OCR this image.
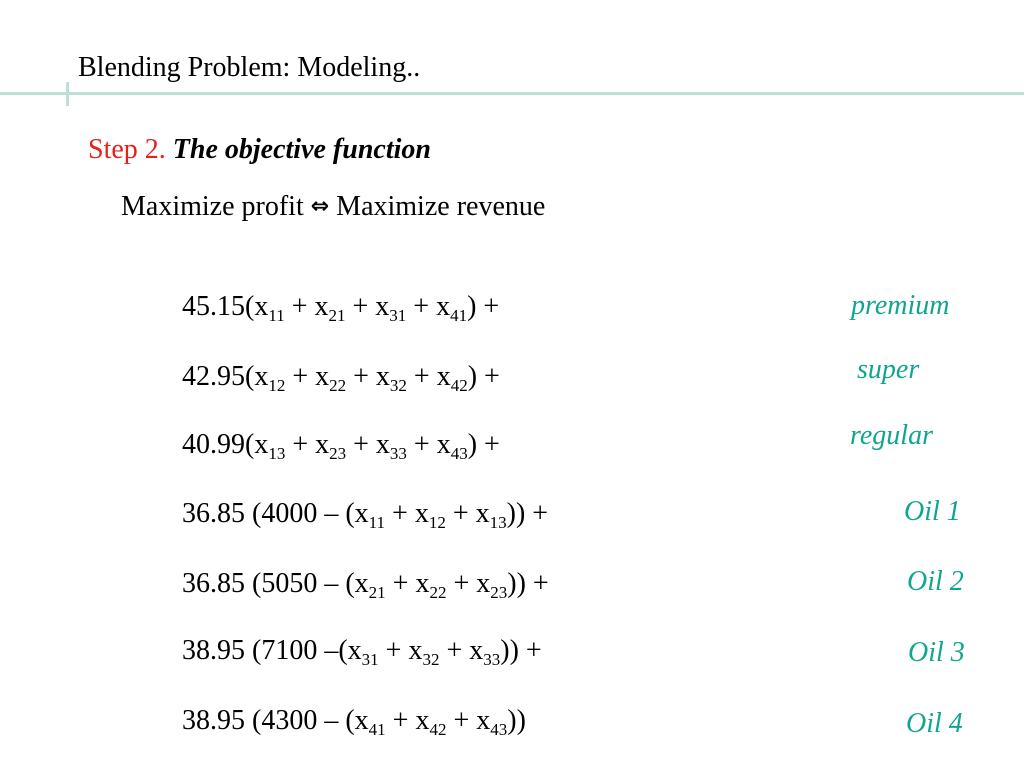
Blending Problem: Modeling..
Step 2. The objective function
Maximize profit ⇔ Maximize revenue
$45.15(x_{11} + x_{21} + x_{31} + x_{41})$ +
$42.95(x_{12} + x_{22} + x_{32} + x_{42})$ +
$40.99(x_{13} + x_{23} + x_{33} + x_{43})$ +
36.85 $(4000 - (x_{11} + x_{12} + x_{13}))$ +
36.85 $(5050 - (x_{21} + x_{22} + x_{23}))$ +
38.95 (7100 $-(x_{31} + x_{32} + x_{33})$) +
38.95 $(4300 - (x_{41} + x_{42} + x_{43}))$
premium
super
regular
Oil 1
Oil 2
Oil 3
Oil 4
